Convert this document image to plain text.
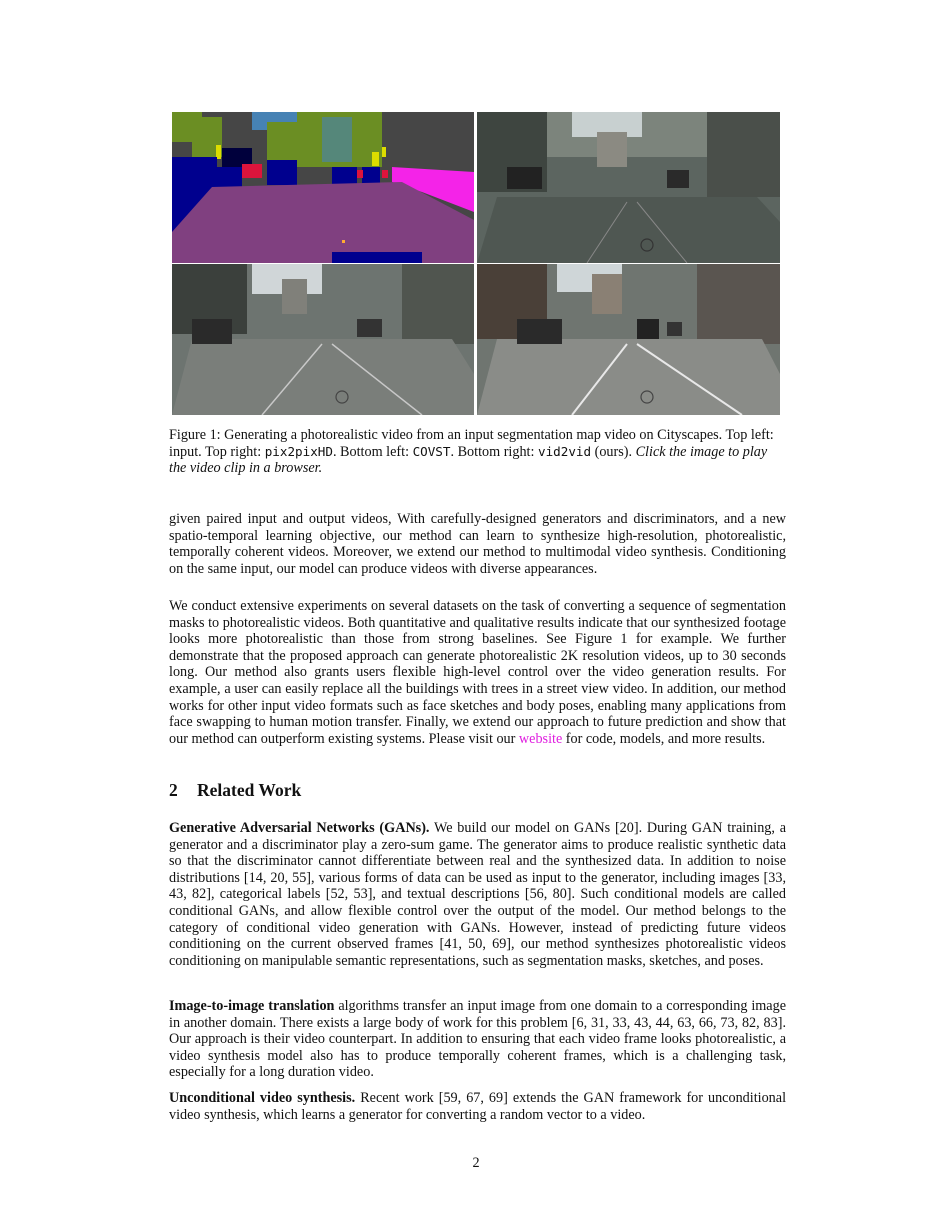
Figure 1: Generating a photorealistic video from an input segmentation map video on Cityscapes. Top left: input. Top right: pix2pixHD. Bottom left: COVST. Bottom right: vid2vid (ours). Click the image to play the video clip in a browser.

given paired input and output videos, With carefully-designed generators and discriminators, and a new spatio-temporal learning objective, our method can learn to synthesize high-resolution, photorealistic, temporally coherent videos. Moreover, we extend our method to multimodal video synthesis. Conditioning on the same input, our model can produce videos with diverse appearances.

We conduct extensive experiments on several datasets on the task of converting a sequence of segmentation masks to photorealistic videos. Both quantitative and qualitative results indicate that our synthesized footage looks more photorealistic than those from strong baselines. See Figure 1 for example. We further demonstrate that the proposed approach can generate photorealistic 2K resolution videos, up to 30 seconds long. Our method also grants users flexible high-level control over the video generation results. For example, a user can easily replace all the buildings with trees in a street view video. In addition, our method works for other input video formats such as face sketches and body poses, enabling many applications from face swapping to human motion transfer. Finally, we extend our approach to future prediction and show that our method can outperform existing systems. Please visit our website for code, models, and more results.

2 Related Work

Generative Adversarial Networks (GANs). We build our model on GANs [20]. During GAN training, a generator and a discriminator play a zero-sum game. The generator aims to produce realistic synthetic data so that the discriminator cannot differentiate between real and the synthesized data. In addition to noise distributions [14, 20, 55], various forms of data can be used as input to the generator, including images [33, 43, 82], categorical labels [52, 53], and textual descriptions [56, 80]. Such conditional models are called conditional GANs, and allow flexible control over the output of the model. Our method belongs to the category of conditional video generation with GANs. However, instead of predicting future videos conditioning on the current observed frames [41, 50, 69], our method synthesizes photorealistic videos conditioning on manipulable semantic representations, such as segmentation masks, sketches, and poses.

Image-to-image translation algorithms transfer an input image from one domain to a corresponding image in another domain. There exists a large body of work for this problem [6, 31, 33, 43, 44, 63, 66, 73, 82, 83]. Our approach is their video counterpart. In addition to ensuring that each video frame looks photorealistic, a video synthesis model also has to produce temporally coherent frames, which is a challenging task, especially for a long duration video.

Unconditional video synthesis. Recent work [59, 67, 69] extends the GAN framework for unconditional video synthesis, which learns a generator for converting a random vector to a video.

2
